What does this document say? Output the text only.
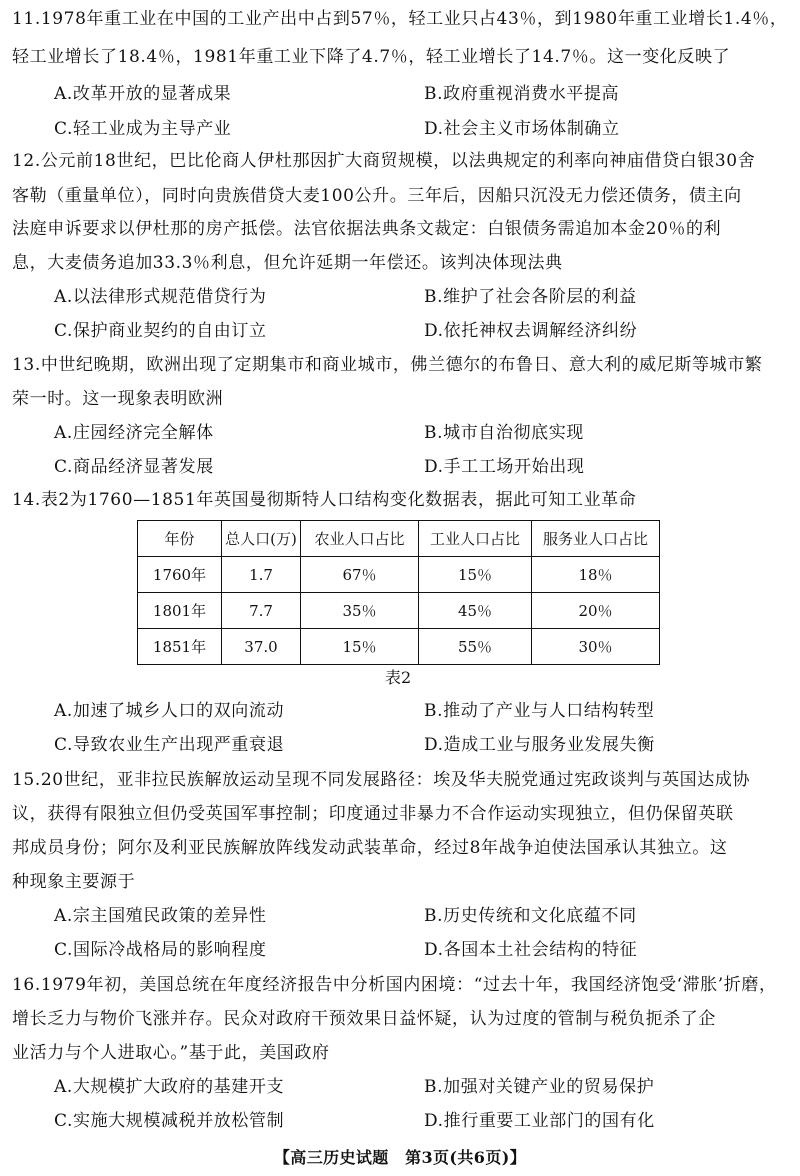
11.1978年重工业在中国的工业产出中占到57％，轻工业只占43％，到1980年重工业增长1.4％，
轻工业增长了18.4％，1981年重工业下降了4.7％，轻工业增长了14.7％。这一变化反映了
A.改革开放的显著成果	B.政府重视消费水平提高
C.轻工业成为主导产业	D.社会主义市场体制确立
12.公元前18世纪，巴比伦商人伊杜那因扩大商贸规模，以法典规定的利率向神庙借贷白银30舍
客勒（重量单位），同时向贵族借贷大麦100公升。三年后，因船只沉没无力偿还债务，债主向
法庭申诉要求以伊杜那的房产抵偿。法官依据法典条文裁定：白银债务需追加本金20％的利
息，大麦债务追加33.3％利息，但允许延期一年偿还。该判决体现法典
A.以法律形式规范借贷行为	B.维护了社会各阶层的利益
C.保护商业契约的自由订立	D.依托神权去调解经济纠纷
13.中世纪晚期，欧洲出现了定期集市和商业城市，佛兰德尔的布鲁日、意大利的威尼斯等城市繁
荣一时。这一现象表明欧洲
A.庄园经济完全解体	B.城市自治彻底实现
C.商品经济显著发展	D.手工工场开始出现
14.表2为1760—1851年英国曼彻斯特人口结构变化数据表，据此可知工业革命
年份	总人口(万)	农业人口占比	工业人口占比	服务业人口占比
1760年	1.7	67％	15％	18％
1801年	7.7	35％	45％	20％
1851年	37.0	15％	55％	30％
表2
A.加速了城乡人口的双向流动	B.推动了产业与人口结构转型
C.导致农业生产出现严重衰退	D.造成工业与服务业发展失衡
15.20世纪，亚非拉民族解放运动呈现不同发展路径：埃及华夫脱党通过宪政谈判与英国达成协
议，获得有限独立但仍受英国军事控制；印度通过非暴力不合作运动实现独立，但仍保留英联
邦成员身份；阿尔及利亚民族解放阵线发动武装革命，经过8年战争迫使法国承认其独立。这
种现象主要源于
A.宗主国殖民政策的差异性	B.历史传统和文化底蕴不同
C.国际冷战格局的影响程度	D.各国本土社会结构的特征
16.1979年初，美国总统在年度经济报告中分析国内困境：“过去十年，我国经济饱受‘滞胀’折磨，
增长乏力与物价飞涨并存。民众对政府干预效果日益怀疑，认为过度的管制与税负扼杀了企
业活力与个人进取心。”基于此，美国政府
A.大规模扩大政府的基建开支	B.加强对关键产业的贸易保护
C.实施大规模减税并放松管制	D.推行重要工业部门的国有化
【高三历史试题　第3页(共6页)】
